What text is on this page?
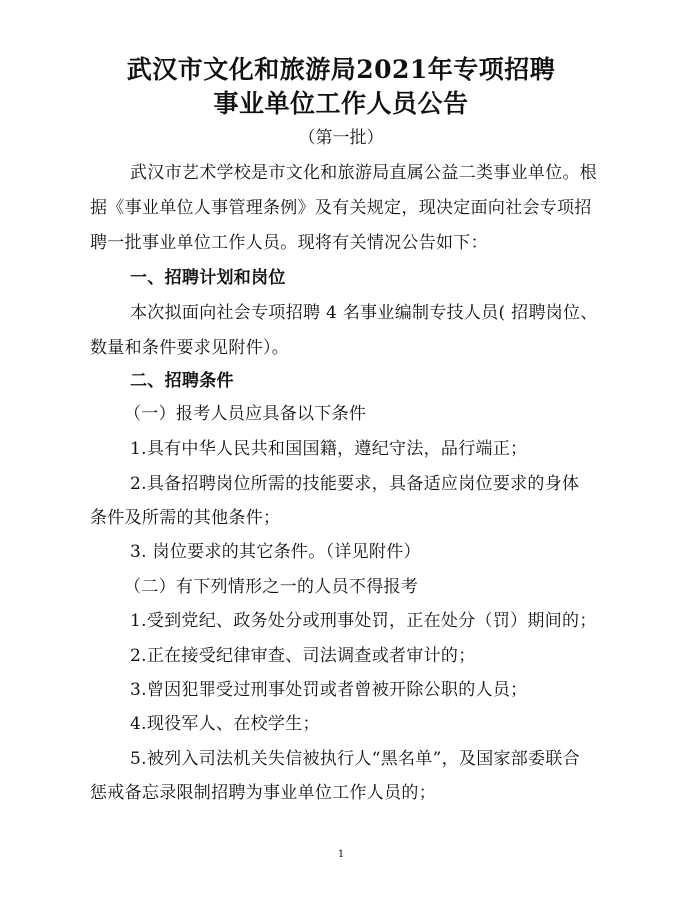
武汉市文化和旅游局2021年专项招聘
事业单位工作人员公告
（第一批）
武汉市艺术学校是市文化和旅游局直属公益二类事业单位。根
据《事业单位人事管理条例》及有关规定，现决定面向社会专项招
聘一批事业单位工作人员。现将有关情况公告如下：
一、招聘计划和岗位
本次拟面向社会专项招聘 4 名事业编制专技人员( 招聘岗位、
数量和条件要求见附件）。
二、招聘条件
（一）报考人员应具备以下条件
1.具有中华人民共和国国籍，遵纪守法，品行端正；
2.具备招聘岗位所需的技能要求，具备适应岗位要求的身体
条件及所需的其他条件；
3. 岗位要求的其它条件。（详见附件）
（二）有下列情形之一的人员不得报考
1.受到党纪、政务处分或刑事处罚，正在处分（罚）期间的；
2.正在接受纪律审查、司法调查或者审计的；
3.曾因犯罪受过刑事处罚或者曾被开除公职的人员；
4.现役军人、在校学生；
5.被列入司法机关失信被执行人“黑名单”，及国家部委联合
惩戒备忘录限制招聘为事业单位工作人员的；
1
